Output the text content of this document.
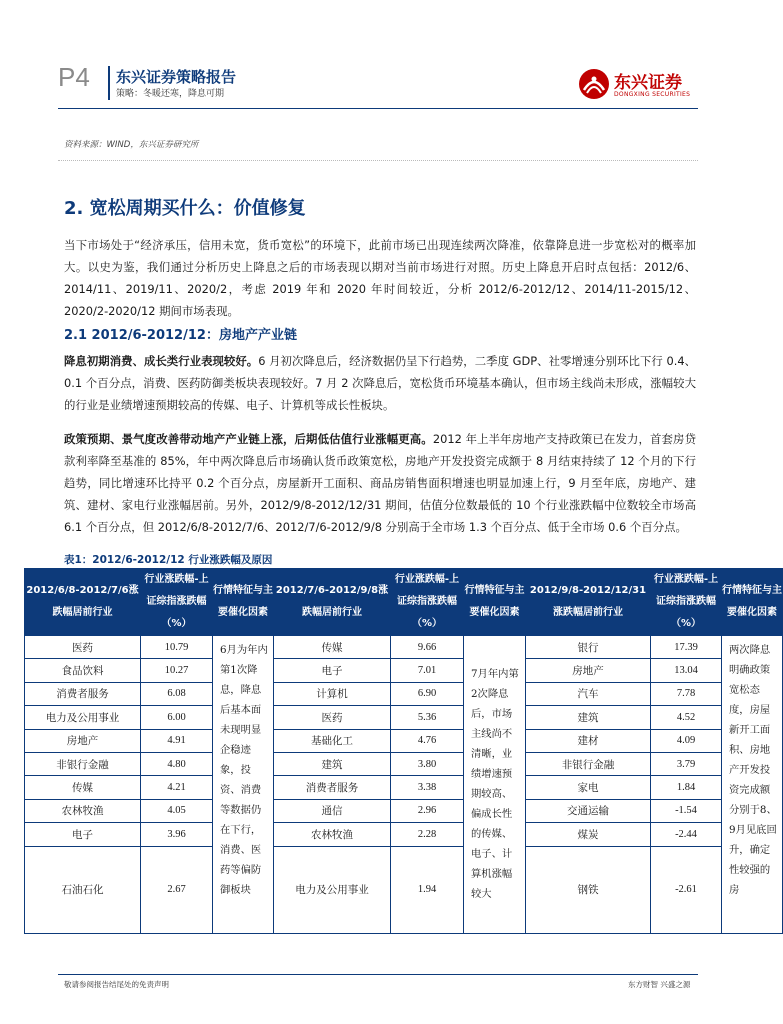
P4 东兴证券策略报告
策略：冬暖还寒，降息可期
东兴证券
DONGXING SECURITIES
资料来源：WIND，东兴证券研究所
2. 宽松周期买什么：价值修复
当下市场处于“经济承压，信用未宽，货币宽松”的环境下，此前市场已出现连续两次降准，依靠降息进一步宽松对的概率加大。以史为鉴，我们通过分析历史上降息之后的市场表现以期对当前市场进行对照。历史上降息开启时点包括：2012/6、2014/11、2019/11、2020/2，考虑 2019 年和 2020 年时间较近，分析 2012/6-2012/12、2014/11-2015/12、2020/2-2020/12 期间市场表现。
2.1 2012/6-2012/12：房地产产业链
降息初期消费、成长类行业表现较好。6 月初次降息后，经济数据仍呈下行趋势，二季度 GDP、社零增速分别环比下行 0.4、0.1 个百分点，消费、医药防御类板块表现较好。7 月 2 次降息后，宽松货币环境基本确认，但市场主线尚未形成，涨幅较大的行业是业绩增速预期较高的传媒、电子、计算机等成长性板块。
政策预期、景气度改善带动地产产业链上涨，后期低估值行业涨幅更高。2012 年上半年房地产支持政策已在发力，首套房贷款利率降至基准的 85%，年中两次降息后市场确认货币政策宽松，房地产开发投资完成额于 8 月结束持续了 12 个月的下行趋势，同比增速环比持平 0.2 个百分点，房屋新开工面积、商品房销售面积增速也明显加速上行，9 月至年底，房地产、建筑、建材、家电行业涨幅居前。另外，2012/9/8-2012/12/31 期间，估值分位数最低的 10 个行业涨跌幅中位数较全市场高 6.1 个百分点，但 2012/6/8-2012/7/6、2012/7/6-2012/9/8 分别高于全市场 1.3 个百分点、低于全市场 0.6 个百分点。
表1：2012/6-2012/12 行业涨跌幅及原因
2012/6/8-2012/7/6涨跌幅居前行业	行业涨跌幅-上证综指涨跌幅（%）	行情特征与主要催化因素	2012/7/6-2012/9/8涨跌幅居前行业	行业涨跌幅-上证综指涨跌幅（%）	行情特征与主要催化因素	2012/9/8-2012/12/31涨跌幅居前行业	行业涨跌幅-上证综指涨跌幅（%）	行情特征与主要催化因素
医药	10.79	6月为年内第1次降息，降息后基本面未现明显企稳迹象，投资、消费等数据仍在下行，消费、医药等偏防御板块	传媒	9.66	7月年内第2次降息后，市场主线尚不清晰，业绩增速预期较高、偏成长性的传媒、电子、计算机涨幅较大	银行	17.39	两次降息明确政策宽松态度，房屋新开工面积、房地产开发投资完成额分别于8、9月见底回升，确定性较强的房
食品饮料	10.27		电子	7.01		房地产	13.04	
消费者服务	6.08		计算机	6.90		汽车	7.78	
电力及公用事业	6.00		医药	5.36		建筑	4.52	
房地产	4.91		基础化工	4.76		建材	4.09	
非银行金融	4.80		建筑	3.80		非银行金融	3.79	
传媒	4.21		消费者服务	3.38		家电	1.84	
农林牧渔	4.05		通信	2.96		交通运输	-1.54	
电子	3.96		农林牧渔	2.28		煤炭	-2.44	
石油石化	2.67		电力及公用事业	1.94		钢铁	-2.61	
敬请参阅报告结尾处的免责声明	东方财智 兴盛之源
